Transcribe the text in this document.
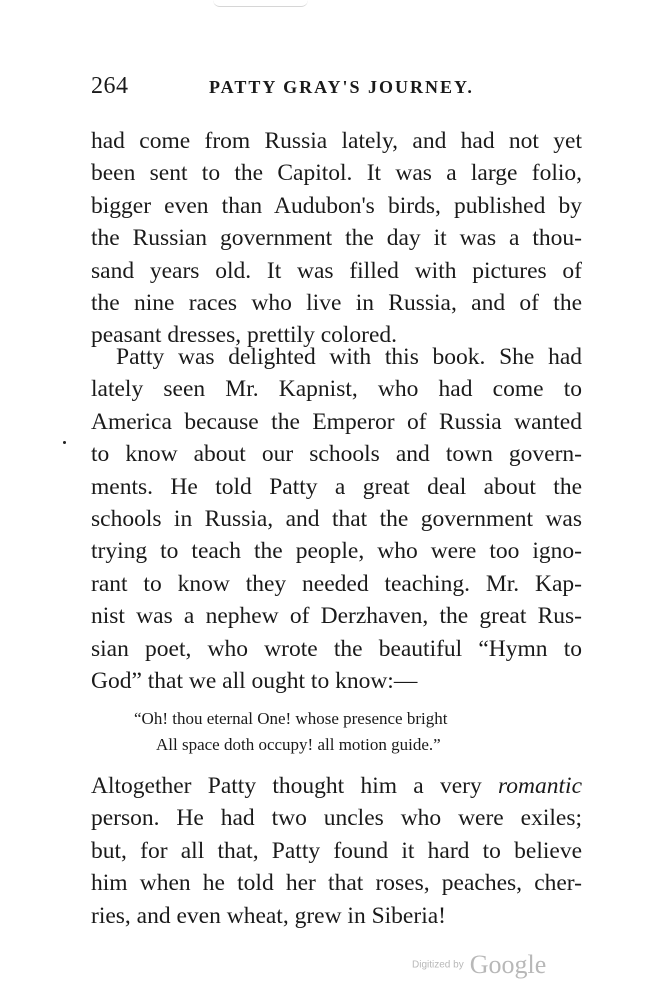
264	PATTY GRAY'S JOURNEY.

had come from Russia lately, and had not yet

been sent to the Capitol. It was a large folio,

bigger even than Audubon's birds, published by

the Russian government the day it was a thou-

sand years old. It was filled with pictures of

the nine races who live in Russia, and of the

peasant dresses, prettily colored.

Patty was delighted with this book. She had

lately seen Mr. Kapnist, who had come to

America because the Emperor of Russia wanted

to know about our schools and town govern-

ments. He told Patty a great deal about the

schools in Russia, and that the government was

trying to teach the people, who were too igno-

rant to know they needed teaching. Mr. Kap-

nist was a nephew of Derzhaven, the great Rus-

sian poet, who wrote the beautiful “Hymn to

God” that we all ought to know:—

“Oh! thou eternal One! whose presence bright

All space doth occupy! all motion guide.”

Altogether Patty thought him a very romantic

person. He had two uncles who were exiles;

but, for all that, Patty found it hard to believe

him when he told her that roses, peaches, cher-

ries, and even wheat, grew in Siberia!

Digitized by Google
